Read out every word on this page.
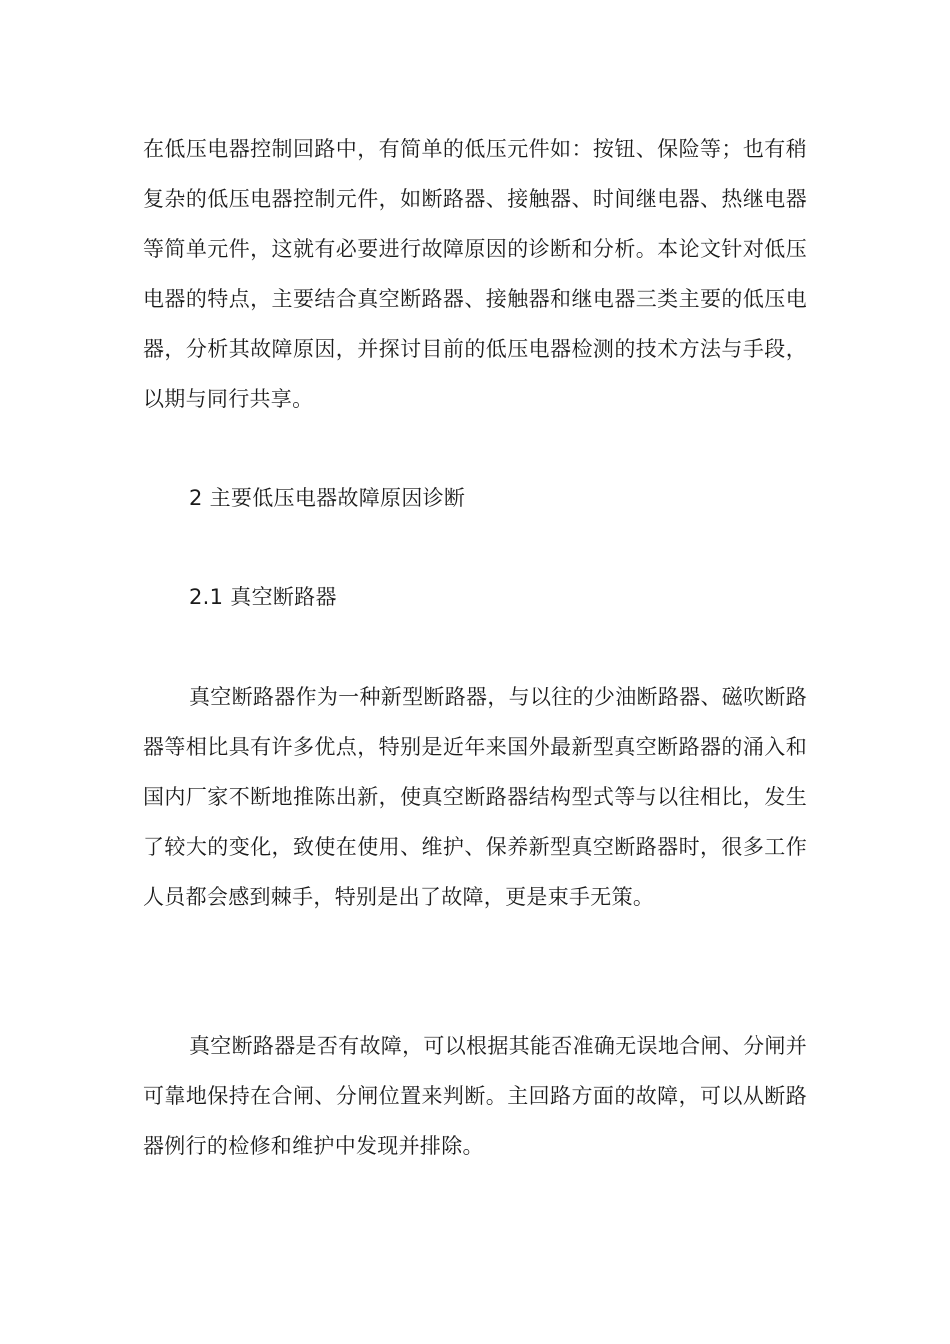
在低压电器控制回路中，有简单的低压元件如：按钮、保险等；也有稍复杂的低压电器控制元件，如断路器、接触器、时间继电器、热继电器等简单元件，这就有必要进行故障原因的诊断和分析。本论文针对低压电器的特点，主要结合真空断路器、接触器和继电器三类主要的低压电器，分析其故障原因，并探讨目前的低压电器检测的技术方法与手段，以期与同行共享。

2 主要低压电器故障原因诊断
2.1 真空断路器

真空断路器作为一种新型断路器，与以往的少油断路器、磁吹断路器等相比具有许多优点，特别是近年来国外最新型真空断路器的涌入和国内厂家不断地推陈出新，使真空断路器结构型式等与以往相比，发生了较大的变化，致使在使用、维护、保养新型真空断路器时，很多工作人员都会感到棘手，特别是出了故障，更是束手无策。

真空断路器是否有故障，可以根据其能否准确无误地合闸、分闸并可靠地保持在合闸、分闸位置来判断。主回路方面的故障，可以从断路器例行的检修和维护中发现并排除。
